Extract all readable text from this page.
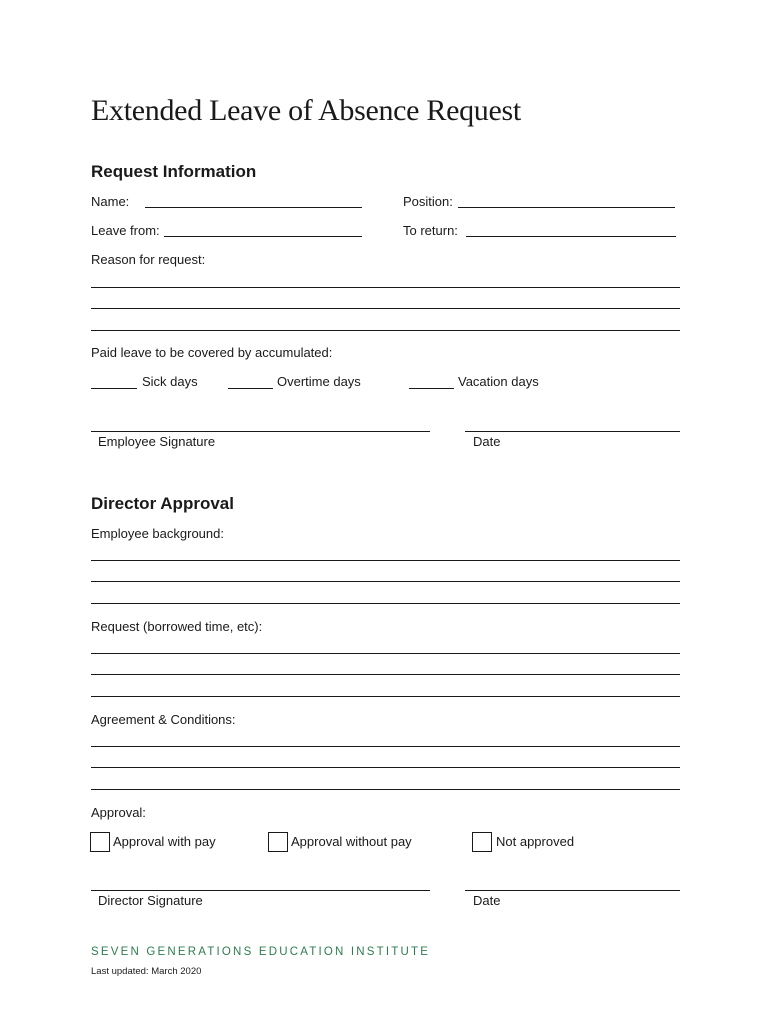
Extended Leave of Absence Request
Request Information
Name:	Position:
Leave from:	To return:
Reason for request:
Paid leave to be covered by accumulated:
Sick days	Overtime days	Vacation days
Employee Signature	Date
Director Approval
Employee background:
Request (borrowed time, etc):
Agreement & Conditions:
Approval:
Approval with pay	Approval without pay	Not approved
Director Signature	Date
SEVEN GENERATIONS EDUCATION INSTITUTE
Last updated: March 2020
